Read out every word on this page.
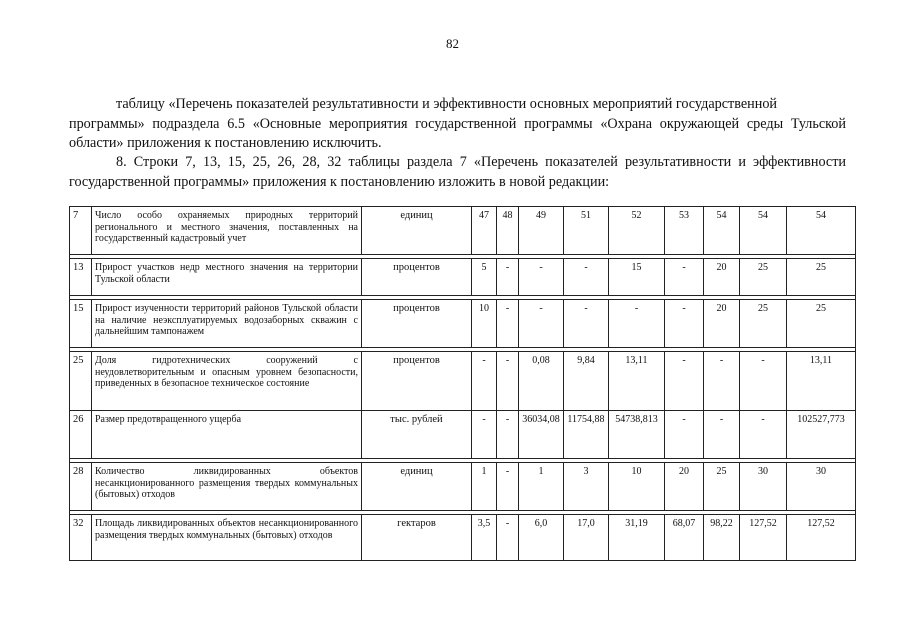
82
таблицу «Перечень показателей результативности и эффективности основных мероприятий государственной
программы» подраздела 6.5 «Основные мероприятия государственной программы «Охрана окружающей среды Тульской области» приложения к постановлению исключить.
8. Строки 7, 13, 15, 25, 26, 28, 32 таблицы раздела 7 «Перечень показателей результативности и эффективности государственной программы» приложения к постановлению изложить в новой редакции:
7	Число особо охраняемых природных территорий регионального и местного значения, поставленных на государственный кадастровый учет	единиц	47	48	49	51	52	53	54	54	54

13	Прирост участков недр местного значения на территории Тульской области	процентов	5	-	-	-	15	-	20	25	25

15	Прирост изученности территорий районов Тульской области на наличие неэксплуатируемых водозаборных скважин с дальнейшим тампонажем	процентов	10	-	-	-	-	-	20	25	25

25	Доля гидротехнических сооружений с неудовлетворительным и опасным уровнем безопасности, приведенных в безопасное техническое состояние	процентов	-	-	0,08	9,84	13,11	-	-	-	13,11
26	Размер предотвращенного ущерба	тыс. рублей	-	-	36034,08	11754,88	54738,813	-	-	-	102527,773

28	Количество ликвидированных объектов несанкционированного размещения твердых коммунальных (бытовых) отходов	единиц	1	-	1	3	10	20	25	30	30

32	Площадь ликвидированных объектов несанкционированного размещения твердых коммунальных (бытовых) отходов	гектаров	3,5	-	6,0	17,0	31,19	68,07	98,22	127,52	127,52
